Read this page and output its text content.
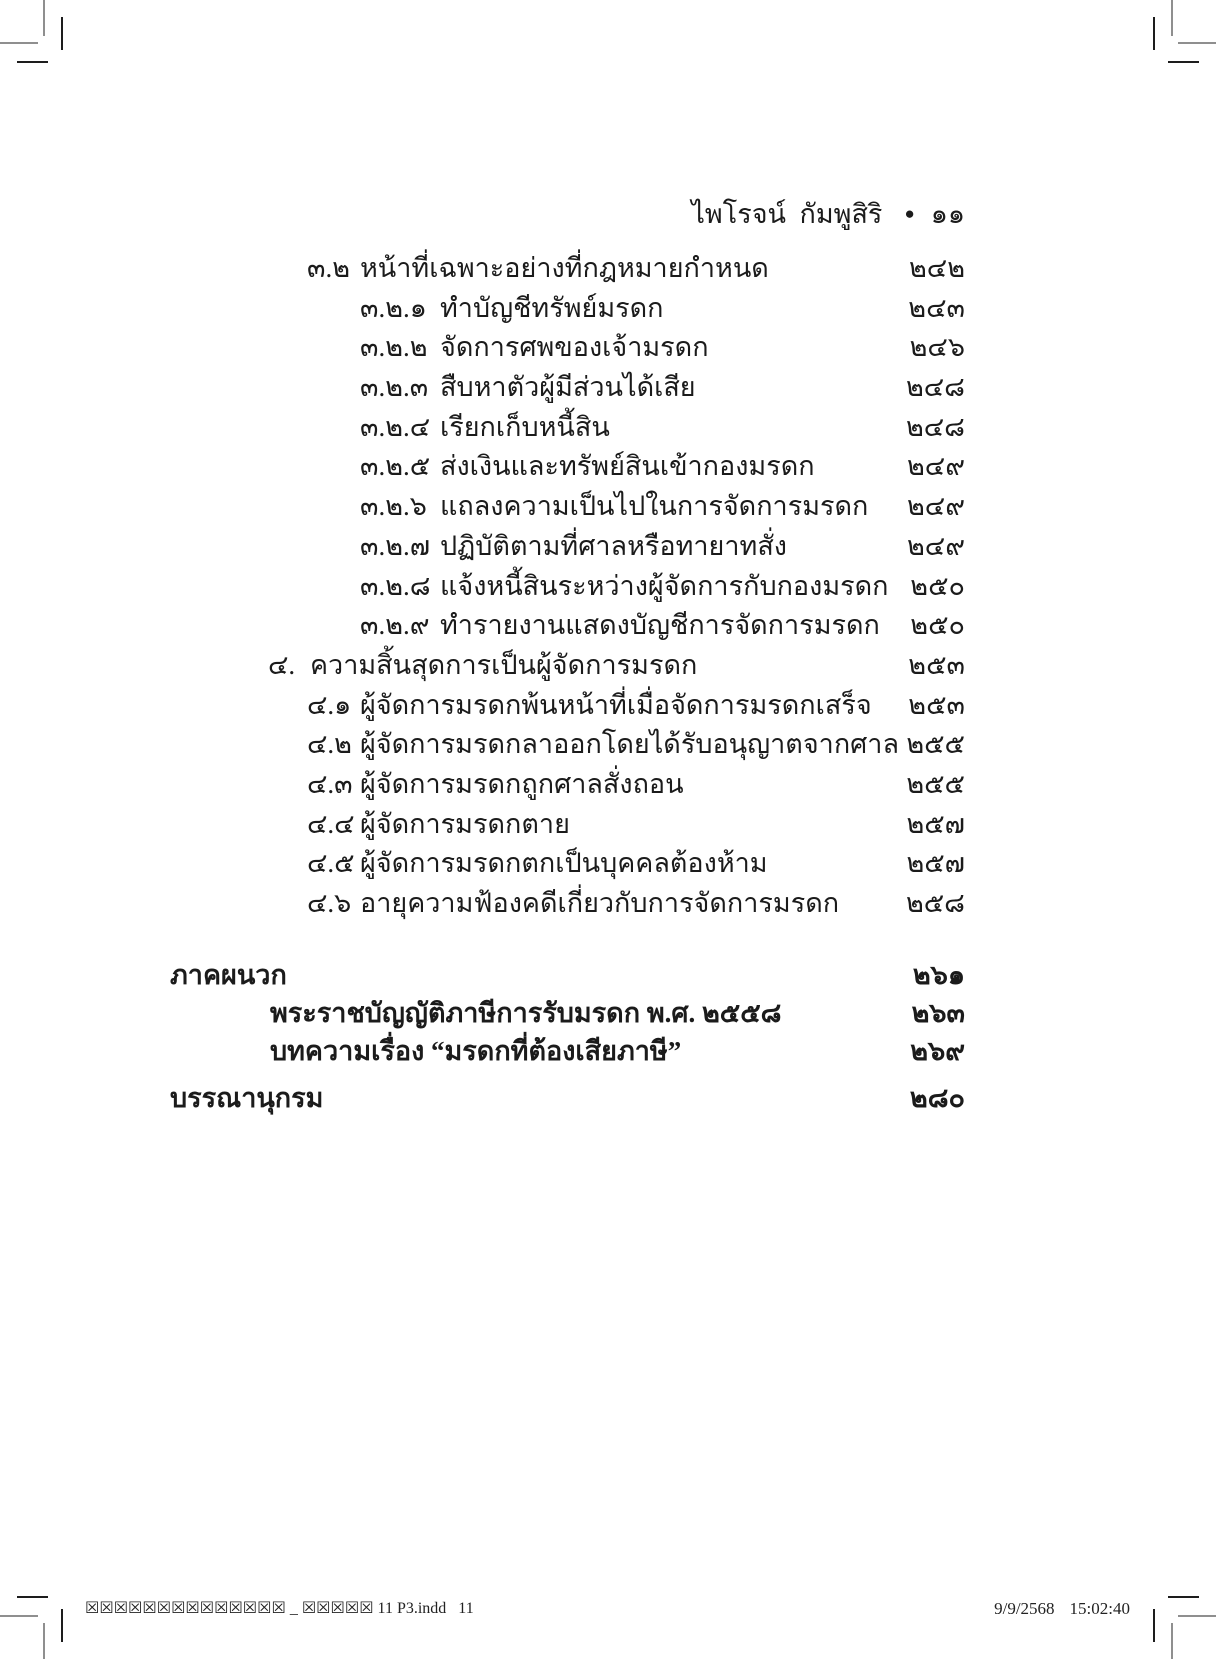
ไพโรจน์  กัมพูสิริ ● ๑๑

๓.๒ หน้าที่เฉพาะอย่างที่กฎหมายกำหนด	๒๔๒
๓.๒.๑ ทำบัญชีทรัพย์มรดก	๒๔๓
๓.๒.๒ จัดการศพของเจ้ามรดก	๒๔๖
๓.๒.๓ สืบหาตัวผู้มีส่วนได้เสีย	๒๔๘
๓.๒.๔ เรียกเก็บหนี้สิน	๒๔๘
๓.๒.๕ ส่งเงินและทรัพย์สินเข้ากองมรดก	๒๔๙
๓.๒.๖ แถลงความเป็นไปในการจัดการมรดก ๒๔๙
๓.๒.๗ ปฏิบัติตามที่ศาลหรือทายาทสั่ง	๒๔๙
๓.๒.๘ แจ้งหนี้สินระหว่างผู้จัดการกับกองมรดก ๒๕๐
๓.๒.๙ ทำรายงานแสดงบัญชีการจัดการมรดก ๒๕๐
๔. ความสิ้นสุดการเป็นผู้จัดการมรดก	๒๕๓
๔.๑ ผู้จัดการมรดกพ้นหน้าที่เมื่อจัดการมรดกเสร็จ ๒๕๓
๔.๒ ผู้จัดการมรดกลาออกโดยได้รับอนุญาตจากศาล ๒๕๕
๔.๓ ผู้จัดการมรดกถูกศาลสั่งถอน	๒๕๕
๔.๔ ผู้จัดการมรดกตาย	๒๕๗
๔.๕ ผู้จัดการมรดกตกเป็นบุคคลต้องห้าม	๒๕๗
๔.๖ อายุความฟ้องคดีเกี่ยวกับการจัดการมรดก ๒๕๘
ภาคผนวก	๒๖๑
พระราชบัญญัติภาษีการรับมรดก พ.ศ. ๒๕๕๘	๒๖๓
บทความเรื่อง “มรดกที่ต้องเสียภาษี”	๒๖๙
บรรณานุกรม	๒๘๐
☒☒☒☒☒☒☒☒☒☒☒☒☒☒ _ ☒☒☒☒☒ 11 P3.indd   11	9/9/2568 15:02:40
